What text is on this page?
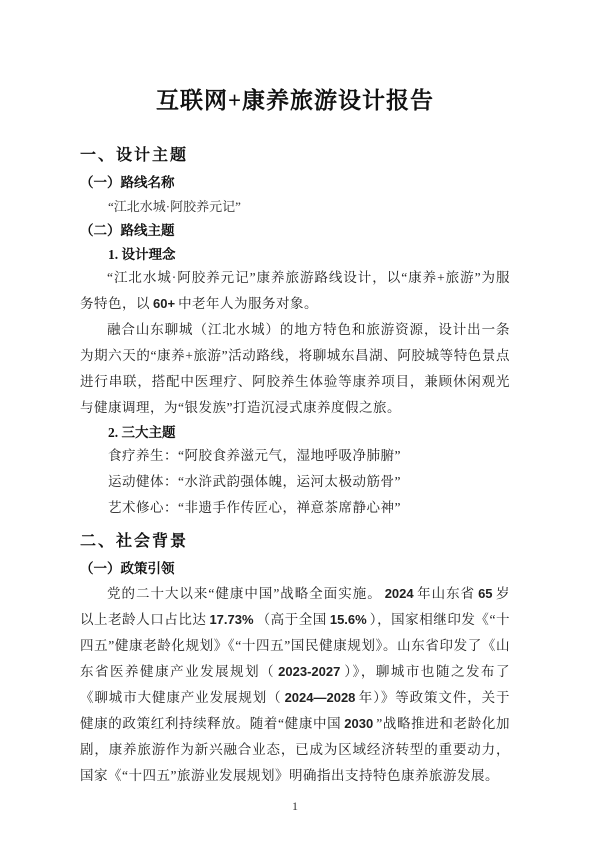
互联网+康养旅游设计报告
一、设计主题
（一）路线名称

“江北水城·阿胶养元记”

（二）路线主题
1. 设计理念

“江北水城·阿胶养元记”康养旅游路线设计，以“康养+旅游”为服务特色，以 60+ 中老年人为服务对象。

融合山东聊城（江北水城）的地方特色和旅游资源，设计出一条为期六天的“康养+旅游”活动路线，将聊城东昌湖、阿胶城等特色景点进行串联，搭配中医理疗、阿胶养生体验等康养项目，兼顾休闲观光与健康调理，为“银发族”打造沉浸式康养度假之旅。

2. 三大主题

食疗养生：“阿胶食养滋元气，湿地呼吸净肺腑”

运动健体：“水浒武韵强体魄，运河太极动筋骨”

艺术修心：“非遗手作传匠心，禅意茶席静心神”

二、社会背景
（一）政策引领

党的二十大以来“健康中国”战略全面实施。 2024 年山东省 65 岁以上老龄人口占比达 17.73% （高于全国 15.6% ），国家相继印发《“十四五”健康老龄化规划》《“十四五”国民健康规划》。山东省印发了《山东省医养健康产业发展规划（ 2023-2027 ）》，聊城市也随之发布了《聊城市大健康产业发展规划（ 2024—2028 年）》等政策文件，关于健康的政策红利持续释放。随着“健康中国 2030 ”战略推进和老龄化加剧，康养旅游作为新兴融合业态，已成为区域经济转型的重要动力，国家《“十四五”旅游业发展规划》明确指出支持特色康养旅游发展。

1
